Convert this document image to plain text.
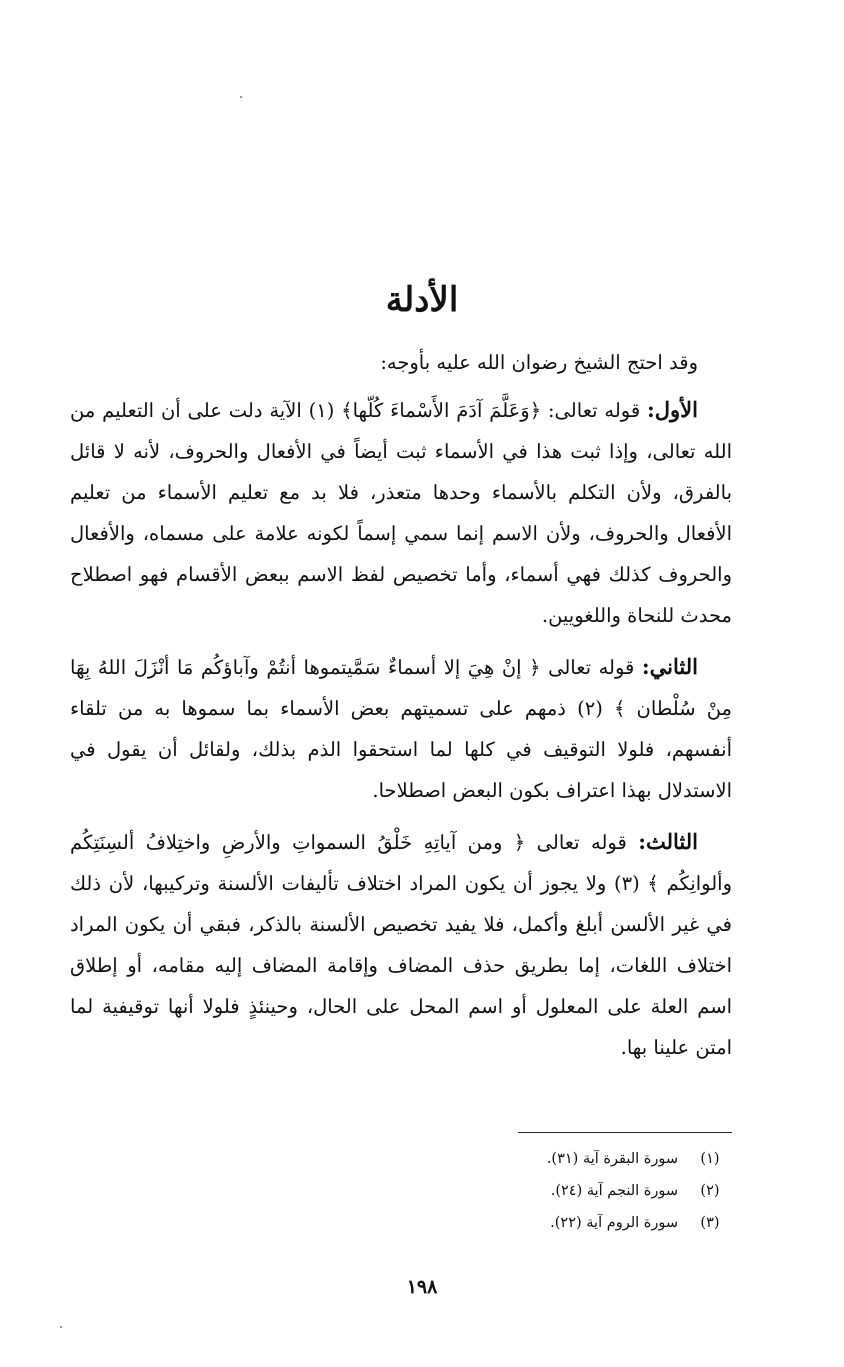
الأدلة

وقد احتج الشيخ رضوان الله عليه بأوجه:

الأول: قوله تعالى: ﴿وَعَلَّمَ آدَمَ الأَسْماءَ كُلّها﴾ (١) الآية دلت على أن التعليم من الله تعالى، وإذا ثبت هذا في الأسماء ثبت أيضاً في الأفعال والحروف، لأنه لا قائل بالفرق، ولأن التكلم بالأسماء وحدها متعذر، فلا بد مع تعليم الأسماء من تعليم الأفعال والحروف، ولأن الاسم إنما سمي إسماً لكونه علامة على مسماه، والأفعال والحروف كذلك فهي أسماء، وأما تخصيص لفظ الاسم ببعض الأقسام فهو اصطلاح محدث للنحاة واللغويين.

الثاني: قوله تعالى ﴿ إنْ هِيَ إلا أسماءٌ سَمَّيتموها أنتُمْ وآباؤكُم مَا أنْزَلَ اللهُ بِهَا مِنْ سُلْطان ﴾ (٢) ذمهم على تسميتهم بعض الأسماء بما سموها به من تلقاء أنفسهم، فلولا التوقيف في كلها لما استحقوا الذم بذلك، ولقائل أن يقول في الاستدلال بهذا اعتراف بكون البعض اصطلاحا.

الثالث: قوله تعالى ﴿ ومن آياتِهِ خَلْقُ السمواتِ والأرضِ واختِلافُ ألسِنَتِكُم وألوانِكُم ﴾ (٣) ولا يجوز أن يكون المراد اختلاف تأليفات الألسنة وتركيبها، لأن ذلك في غير الألسن أبلغ وأكمل، فلا يفيد تخصيص الألسنة بالذكر، فبقي أن يكون المراد اختلاف اللغات، إما بطريق حذف المضاف وإقامة المضاف إليه مقامه، أو إطلاق اسم العلة على المعلول أو اسم المحل على الحال، وحينئذٍ فلولا أنها توقيفية لما امتن علينا بها.

(١)
سورة البقرة آية (٣١).
(٢)
سورة النجم آية (٢٤).
(٣)
سورة الروم آية (٢٢).
١٩٨
